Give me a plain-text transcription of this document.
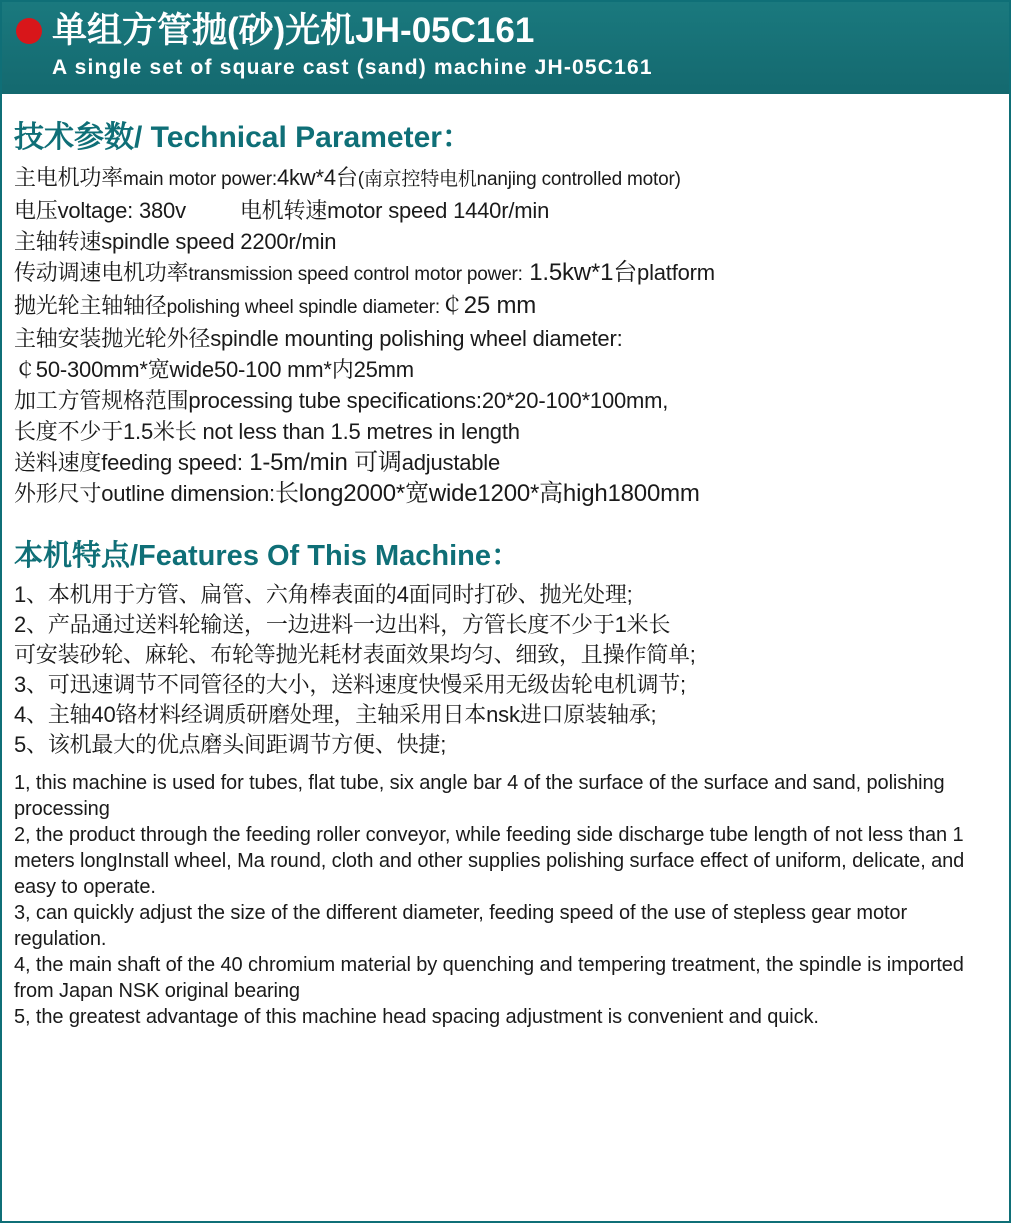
单组方管抛(砂)光机JH-05C161
A single set of square cast (sand) machine JH-05C161
技术参数/ Technical Parameter：
主电机功率main motor power:4kw*4台(南京控特电机nanjing controlled motor)
电压voltage: 380v 电机转速motor speed 1440r/min
主轴转速spindle speed 2200r/min
传动调速电机功率transmission speed control motor power: 1.5kw*1台platform
抛光轮主轴轴径polishing wheel spindle diameter:￠25 mm
主轴安装抛光轮外径spindle mounting polishing wheel diameter:
￠50-300mm*宽wide50-100 mm*内25mm
加工方管规格范围processing tube specifications:20*20-100*100mm,
长度不少于1.5米长 not less than 1.5 metres in length
送料速度feeding speed: 1-5m/min 可调adjustable
外形尺寸outline dimension:长long2000*宽wide1200*高high1800mm
本机特点/Features Of This Machine：
1、本机用于方管、扁管、六角棒表面的4面同时打砂、抛光处理;
2、产品通过送料轮输送，一边进料一边出料，方管长度不少于1米长
可安装砂轮、麻轮、布轮等抛光耗材表面效果均匀、细致，且操作简单;
3、可迅速调节不同管径的大小，送料速度快慢采用无级齿轮电机调节;
4、主轴40铬材料经调质研磨处理，主轴采用日本nsk进口原装轴承;
5、该机最大的优点磨头间距调节方便、快捷;
1, this machine is used for tubes, flat tube, six angle bar 4 of the surface of the surface and sand, polishing processing
2, the product through the feeding roller conveyor, while feeding side discharge tube length of not less than 1 meters longInstall wheel, Ma round, cloth and other supplies polishing surface effect of uniform, delicate, and easy to operate.
3, can quickly adjust the size of the different diameter, feeding speed of the use of stepless gear motor regulation.
4, the main shaft of the 40 chromium material by quenching and tempering treatment, the spindle is imported from Japan NSK original bearing
5, the greatest advantage of this machine head spacing adjustment is convenient and quick.
